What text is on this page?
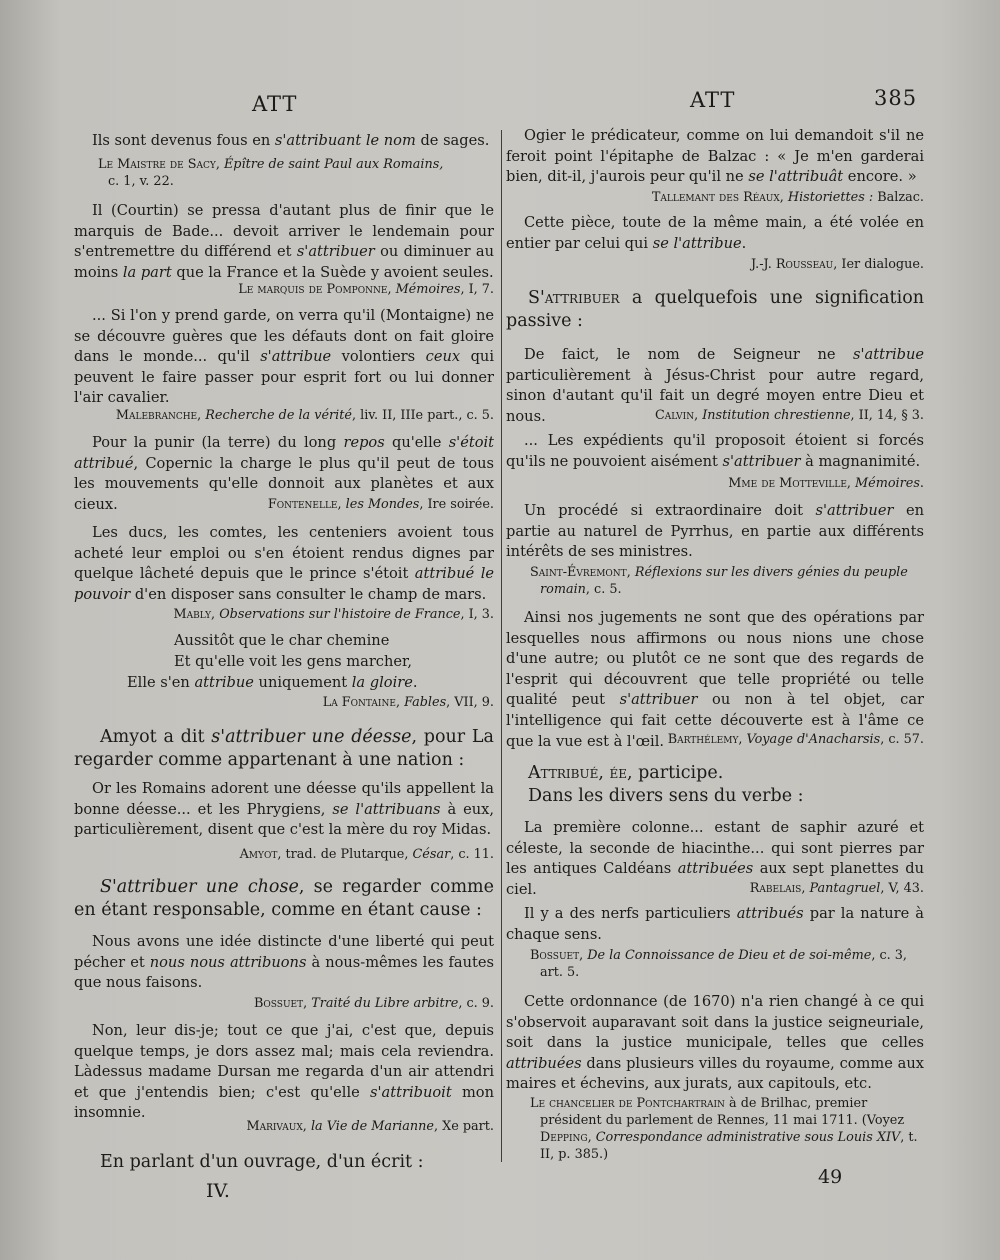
ATT	ATT	385

Ils sont devenus fous en s'attribuant le nom de sages.

Le Maistre de Sacy, Épître de saint Paul aux Romains,
c. 1, v. 22.

Il (Courtin) se pressa d'autant plus de finir que le marquis de Bade... devoit arriver le lendemain pour s'entremettre du différend et s'attribuer ou diminuer au moins la part que la France et la Suède y avoient seules.

Le marquis de Pomponne, Mémoires, I, 7.

... Si l'on y prend garde, on verra qu'il (Montaigne) ne se découvre guères que les défauts dont on fait gloire dans le monde... qu'il s'attribue volontiers ceux qui peuvent le faire passer pour esprit fort ou lui donner l'air cavalier.

Malebranche, Recherche de la vérité, liv. II, IIIe part., c. 5.

Pour la punir (la terre) du long repos qu'elle s'étoit attribué, Copernic la charge le plus qu'il peut de tous les mouvements qu'elle donnoit aux planètes et aux cieux.	Fontenelle, les Mondes, Ire soirée.

Les ducs, les comtes, les centeniers avoient tous acheté leur emploi ou s'en étoient rendus dignes par quelque lâcheté depuis que le prince s'étoit attribué le pouvoir d'en disposer sans consulter le champ de mars.

Mably, Observations sur l'histoire de France, I, 3.
Aussitôt que le char chemine
Et qu'elle voit les gens marcher,
Elle s'en attribue uniquement la gloire.
La Fontaine, Fables, VII, 9.

Amyot a dit s'attribuer une déesse, pour La regarder comme appartenant à une nation :

Or les Romains adorent une déesse qu'ils appellent la bonne déesse... et les Phrygiens, se l'attribuans à eux, particulièrement, disent que c'est la mère du roy Midas.

Amyot, trad. de Plutarque, César, c. 11.

S'attribuer une chose, se regarder comme en étant responsable, comme en étant cause :

Nous avons une idée distincte d'une liberté qui peut pécher et nous nous attribuons à nous-mêmes les fautes que nous faisons.

Bossuet, Traité du Libre arbitre, c. 9.

Non, leur dis-je; tout ce que j'ai, c'est que, depuis quelque temps, je dors assez mal; mais cela reviendra. Làdessus madame Dursan me regarda d'un air attendri et que j'entendis bien; c'est qu'elle s'attribuoit mon insomnie.

Marivaux, la Vie de Marianne, Xe part.

En parlant d'un ouvrage, d'un écrit :

IV.

Ogier le prédicateur, comme on lui demandoit s'il ne feroit point l'épitaphe de Balzac : « Je m'en garderai bien, dit-il, j'aurois peur qu'il ne se l'attribuât encore. »

Tallemant des Réaux, Historiettes : Balzac.

Cette pièce, toute de la même main, a été volée en entier par celui qui se l'attribue.

J.-J. Rousseau, Ier dialogue.

S'attribuer a quelquefois une signification passive :

De faict, le nom de Seigneur ne s'attribue particulièrement à Jésus-Christ pour autre regard, sinon d'autant qu'il fait un degré moyen entre Dieu et nous.	Calvin, Institution chrestienne, II, 14, § 3.

... Les expédients qu'il proposoit étoient si forcés qu'ils ne pouvoient aisément s'attribuer à magnanimité.

Mme de Motteville, Mémoires.

Un procédé si extraordinaire doit s'attribuer en partie au naturel de Pyrrhus, en partie aux différents intérêts de ses ministres.

Saint-Évremont, Réflexions sur les divers génies du peuple romain, c. 5.

Ainsi nos jugements ne sont que des opérations par lesquelles nous affirmons ou nous nions une chose d'une autre; ou plutôt ce ne sont que des regards de l'esprit qui découvrent que telle propriété ou telle qualité peut s'attribuer ou non à tel objet, car l'intelligence qui fait cette découverte est à l'âme ce que la vue est à l'œil. Barthélemy, Voyage d'Anacharsis, c. 57.
Attribué, ée, participe.
Dans les divers sens du verbe :

La première colonne... estant de saphir azuré et céleste, la seconde de hiacinthe... qui sont pierres par les antiques Caldéans attribuées aux sept planettes du ciel.	Rabelais, Pantagruel, V, 43.

Il y a des nerfs particuliers attribués par la nature à chaque sens.

Bossuet, De la Connoissance de Dieu et de soi-même, c. 3, art. 5.

Cette ordonnance (de 1670) n'a rien changé à ce qui s'observoit auparavant soit dans la justice seigneuriale, soit dans la justice municipale, telles que celles attribuées dans plusieurs villes du royaume, comme aux maires et échevins, aux jurats, aux capitouls, etc.

Le chancelier de Pontchartrain à de Brilhac, premier président du parlement de Rennes, 11 mai 1711. (Voyez Depping, Correspondance administrative sous Louis XIV, t. II, p. 385.)
49
